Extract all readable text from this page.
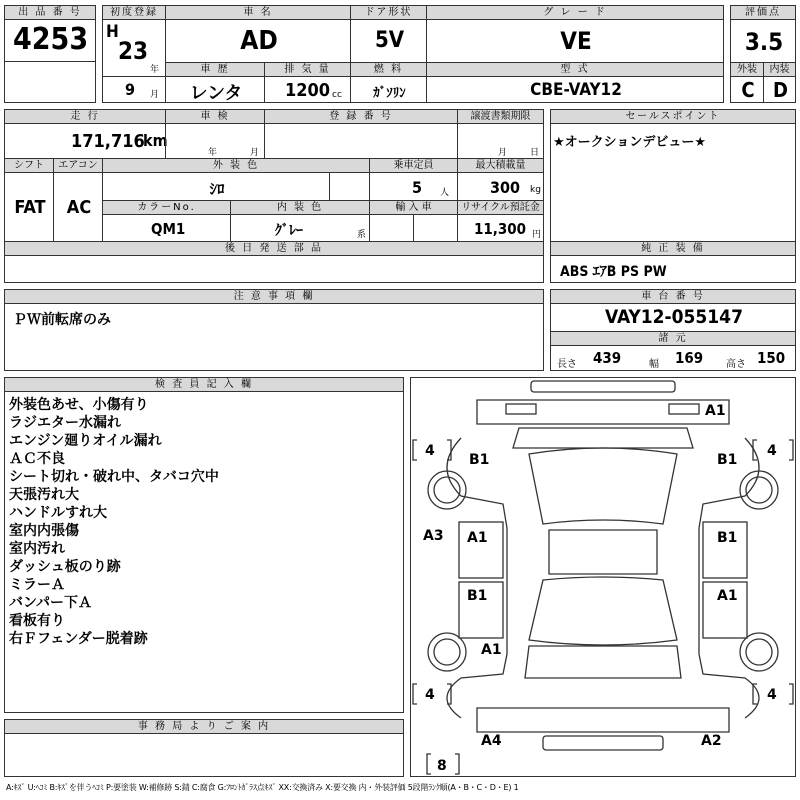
出 品 番 号
4253
初度登録
H
23
年
9 月
車 名
AD
ドア形状
5V
グ レ ー ド
VE
評価点
3.5
車 歴
レンタ
排 気 量
1200 cc
燃 料
ｶﾞｿﾘﾝ
型 式
CBE-VAY12
外装	内装
C D
走 行
171,716
km
車 検
年	月
登 録 番 号	譲渡書類期限
月	日
セールスポイント
★オークションデビュー★
シフト
FAT
エアコン
AC
外 装 色
ｼﾛ
乗車定員
5 人
最大積載量
300 kg
カラーNo.
QM1
内 装 色
ｸﾞﾚｰ	系
輸 入 車	リサイクル預託金
11,300 円
後 日 発 送 部 品	純 正 装 備
ABS ｴｱB PS PW
注 意 事 項 欄
ＰＷ前転席のみ
車 台 番 号
VAY12-055147
諸 元
長さ 439	幅 169 高さ 150
検 査 員 記 入 欄
外装色あせ、小傷有り
ラジエター水漏れ
エンジン廻りオイル漏れ
ＡＣ不良
シート切れ・破れ中、タバコ穴中
天張汚れ大
ハンドルすれ大
室内内張傷
室内汚れ
ダッシュ板のり跡
ミラーＡ
バンパー下Ａ
看板有り
右Ｆフェンダー脱着跡
事 務 局 よ り ご 案 内
A1
B1	B1
A3 A1	B1
B1	A1
A1
A4	A2
4	4
4	4
8
A:ｷｽﾞ U:ﾍｺﾐ B:ｷｽﾞを伴うﾍｺﾐ P:要塗装 W:補修跡 S:錆 C:腐食 G:ﾌﾛﾝﾄｶﾞﾗｽ点ｷｽﾞ XX:交換済み X:要交換 内・外装評価 5段階ﾗﾝｸ順(A・B・C・D・E) 1
